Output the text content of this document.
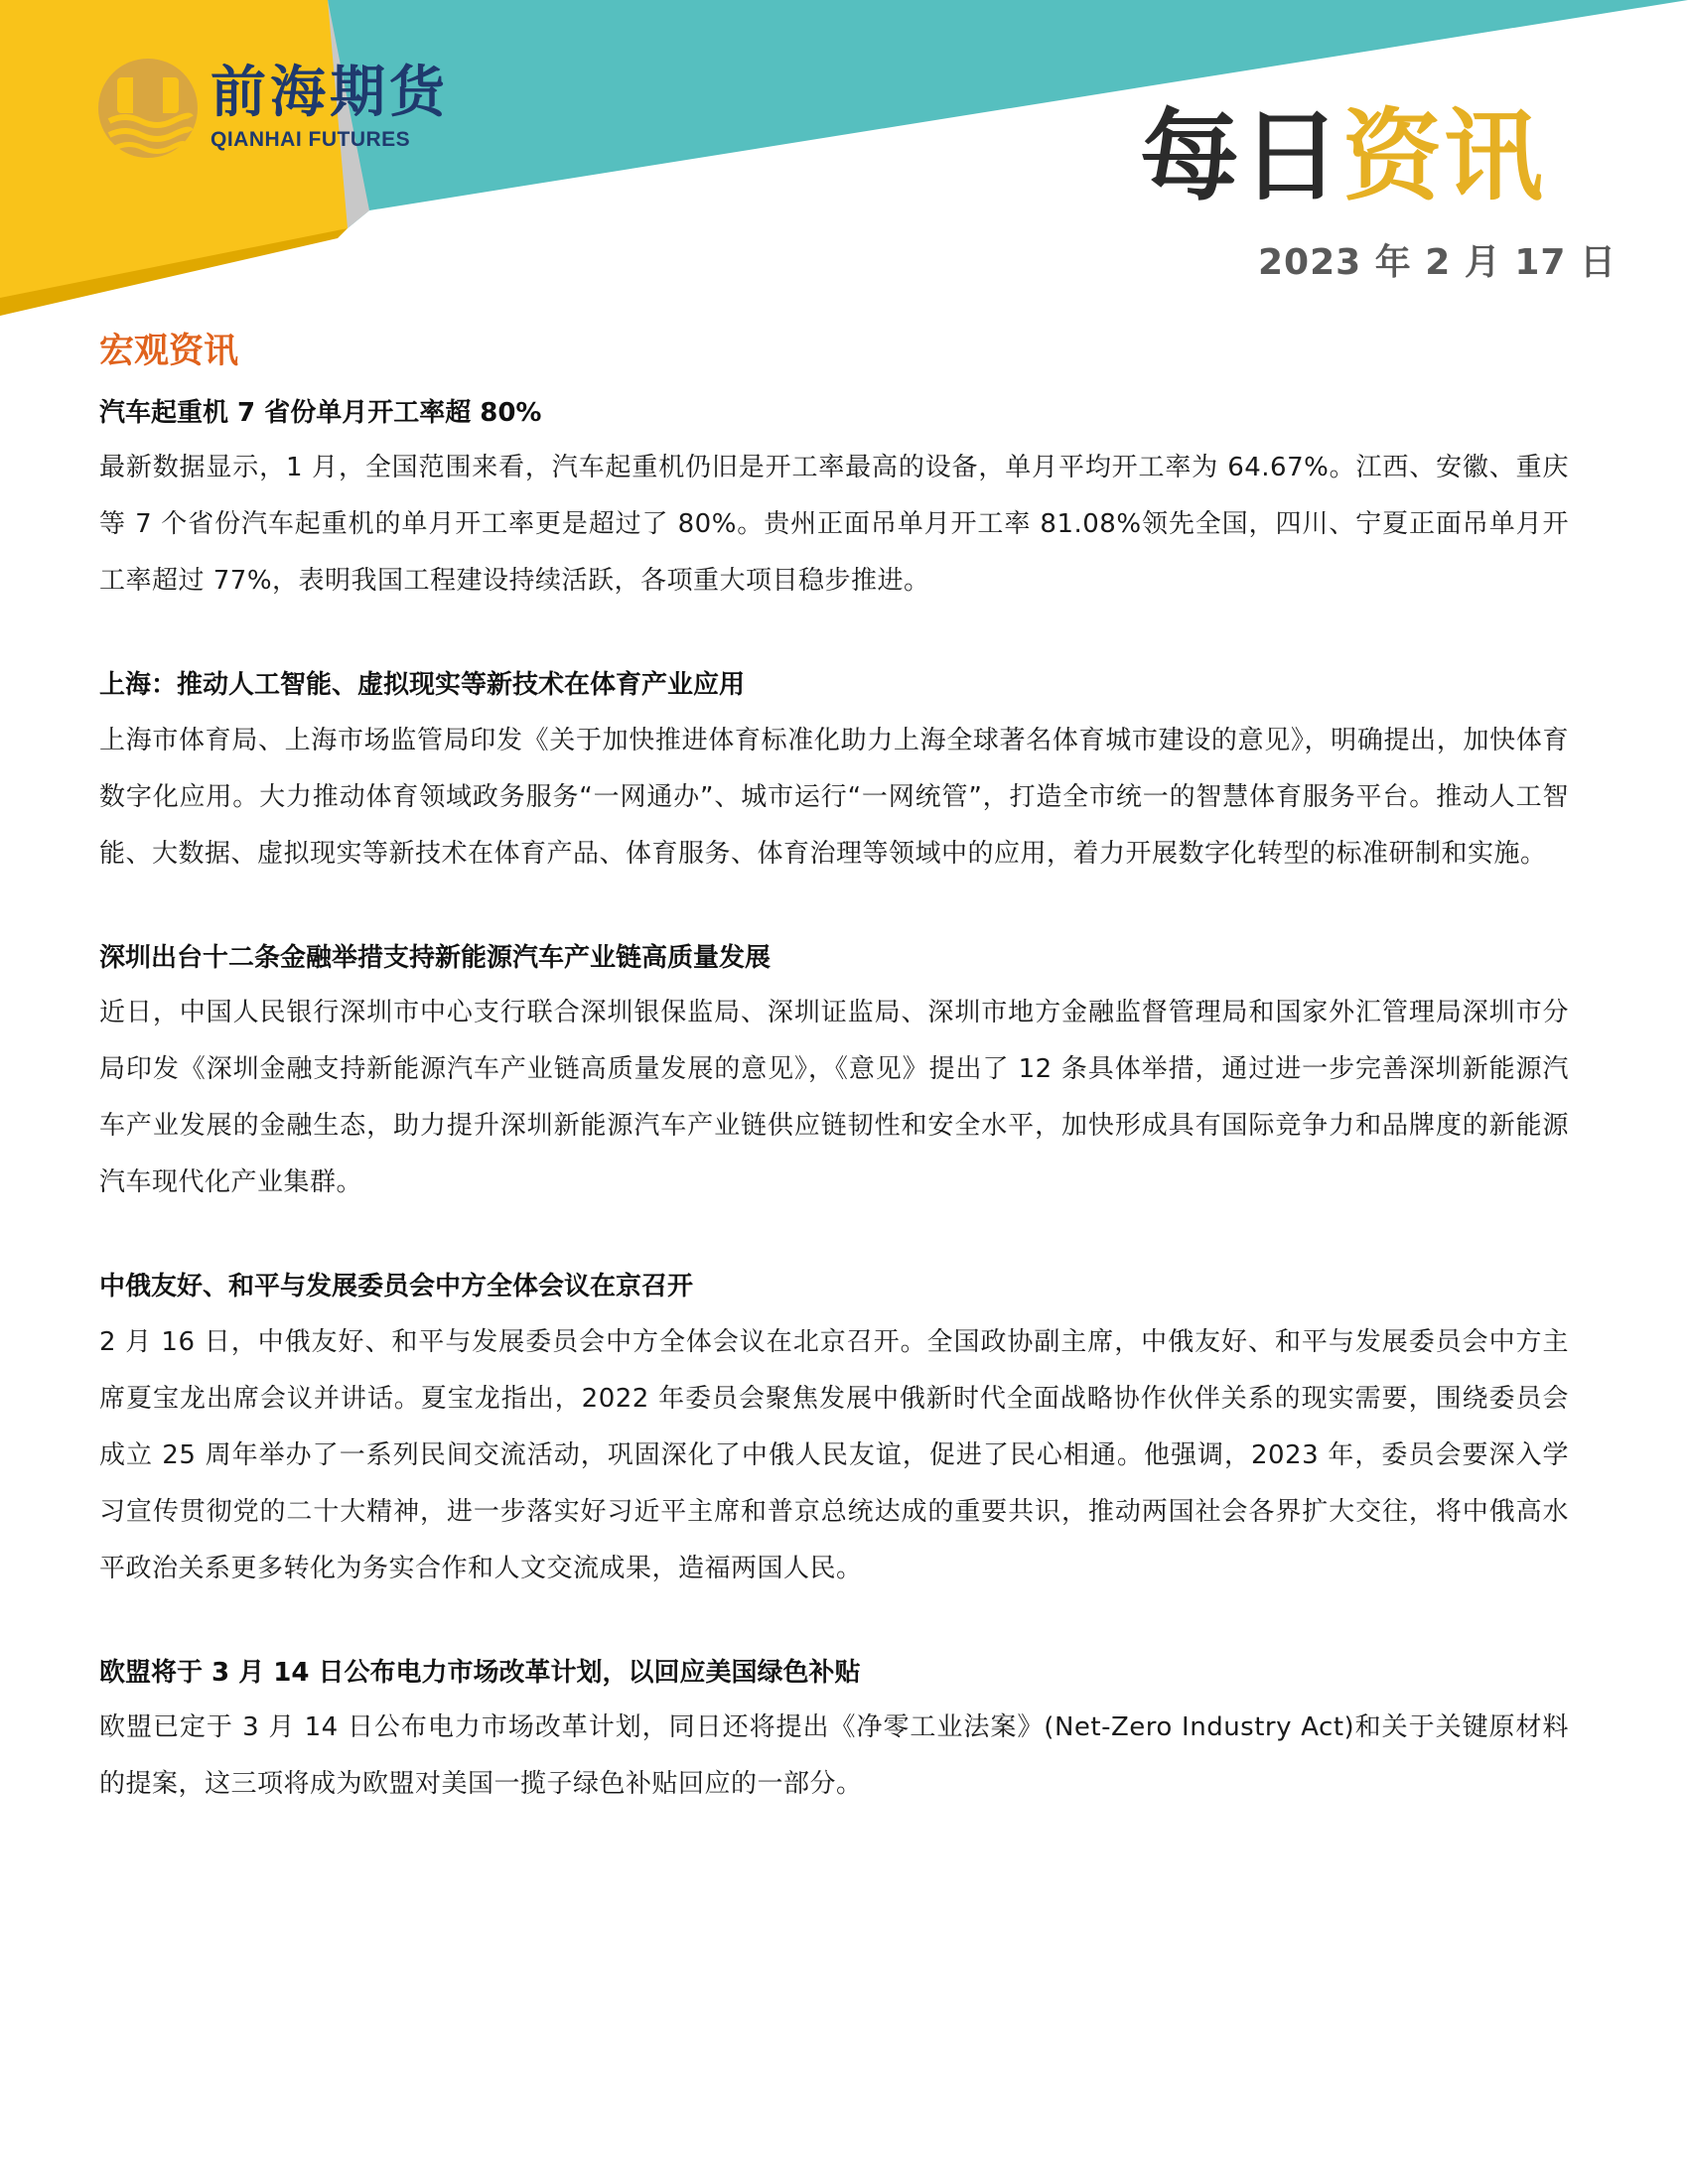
前海期货
QIANHAI FUTURES	每日资讯
2023 年 2 月 17 日
宏观资讯
汽车起重机 7 省份单月开工率超 80%

最新数据显示，1 月，全国范围来看，汽车起重机仍旧是开工率最高的设备，单月平均开工率为 64.67%。江西、安徽、重庆等 7 个省份汽车起重机的单月开工率更是超过了 80%。贵州正面吊单月开工率 81.08%领先全国，四川、宁夏正面吊单月开工率超过 77%，表明我国工程建设持续活跃，各项重大项目稳步推进。

上海：推动人工智能、虚拟现实等新技术在体育产业应用

上海市体育局、上海市场监管局印发《关于加快推进体育标准化助力上海全球著名体育城市建设的意见》，明确提出，加快体育数字化应用。大力推动体育领域政务服务“一网通办”、城市运行“一网统管”，打造全市统一的智慧体育服务平台。推动人工智能、大数据、虚拟现实等新技术在体育产品、体育服务、体育治理等领域中的应用，着力开展数字化转型的标准研制和实施。

深圳出台十二条金融举措支持新能源汽车产业链高质量发展

近日，中国人民银行深圳市中心支行联合深圳银保监局、深圳证监局、深圳市地方金融监督管理局和国家外汇管理局深圳市分局印发《深圳金融支持新能源汽车产业链高质量发展的意见》，《意见》提出了 12 条具体举措，通过进一步完善深圳新能源汽车产业发展的金融生态，助力提升深圳新能源汽车产业链供应链韧性和安全水平，加快形成具有国际竞争力和品牌度的新能源汽车现代化产业集群。

中俄友好、和平与发展委员会中方全体会议在京召开

2 月 16 日，中俄友好、和平与发展委员会中方全体会议在北京召开。全国政协副主席，中俄友好、和平与发展委员会中方主席夏宝龙出席会议并讲话。夏宝龙指出，2022 年委员会聚焦发展中俄新时代全面战略协作伙伴关系的现实需要，围绕委员会成立 25 周年举办了一系列民间交流活动，巩固深化了中俄人民友谊，促进了民心相通。他强调，2023 年，委员会要深入学习宣传贯彻党的二十大精神，进一步落实好习近平主席和普京总统达成的重要共识，推动两国社会各界扩大交往，将中俄高水平政治关系更多转化为务实合作和人文交流成果，造福两国人民。

欧盟将于 3 月 14 日公布电力市场改革计划，以回应美国绿色补贴

欧盟已定于 3 月 14 日公布电力市场改革计划，同日还将提出《净零工业法案》(Net-Zero Industry Act)和关于关键原材料的提案，这三项将成为欧盟对美国一揽子绿色补贴回应的一部分。
